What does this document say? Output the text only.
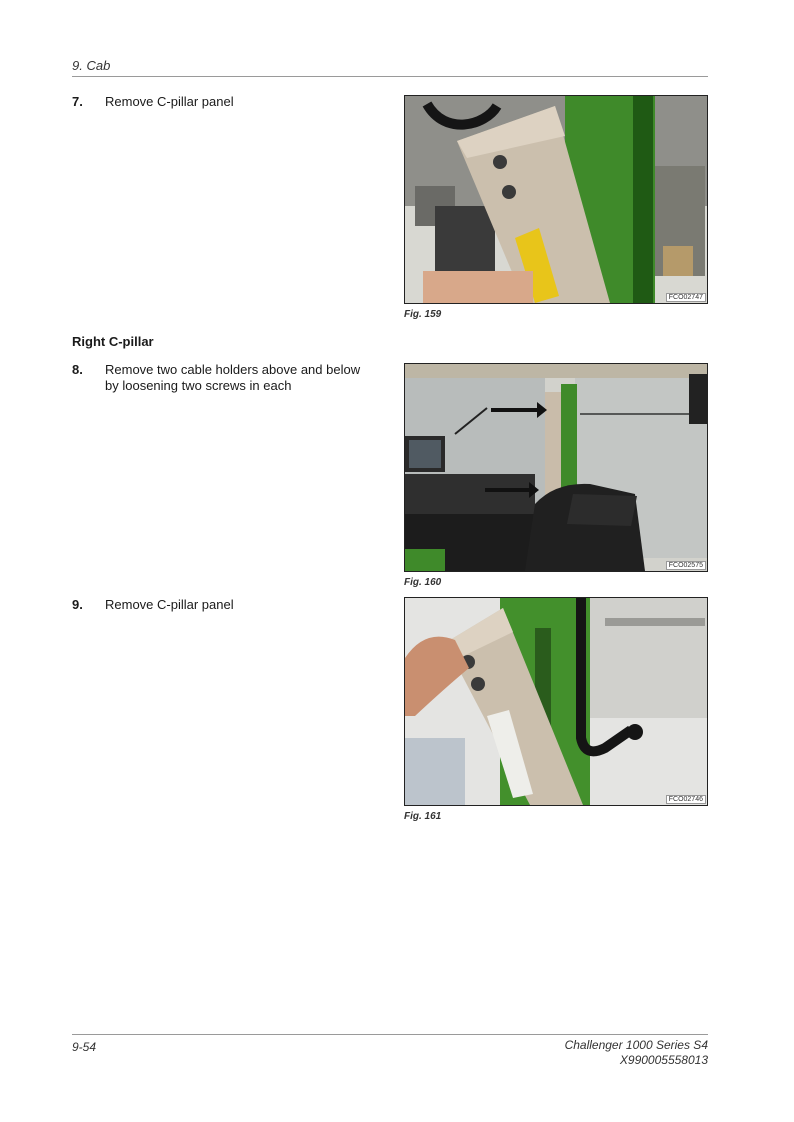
9. Cab
7. Remove C-pillar panel
FCO02747
Fig. 159
Right C-pillar
8. Remove two cable holders above and below by loosening two screws in each
FCO02575
Fig. 160
9. Remove C-pillar panel
FCO02746
Fig. 161
9-54	Challenger 1000 Series S4
X990005558013
